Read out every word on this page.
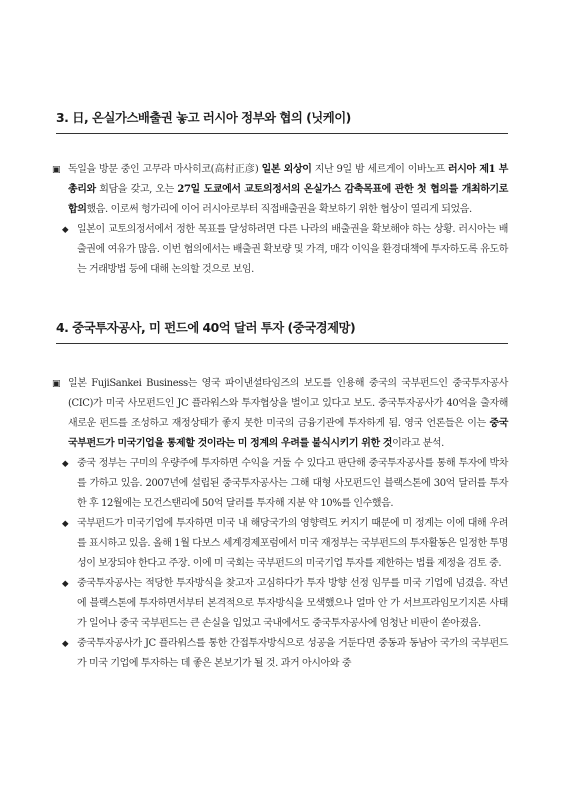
3. 日, 온실가스배출권 놓고 러시아 정부와 협의 (닛케이)

▣ 독일을 방문 중인 고무라 마사히코(高村正彦) 일본 외상이 지난 9일 밤 세르게이 이바노프 러시아 제1 부총리와 회담을 갖고, 오는 27일 도쿄에서 교토의정서의 온실가스 감축목표에 관한 첫 협의를 개최하기로 합의했음. 이로써 헝가리에 이어 러시아로부터 직접배출권을 확보하기 위한 협상이 열리게 되었음.

◆ 일본이 교토의정서에서 정한 목표를 달성하려면 다른 나라의 배출권을 확보해야 하는 상황. 러시아는 배출권에 여유가 많음. 이번 협의에서는 배출권 확보량 및 가격, 매각 이익을 환경대책에 투자하도록 유도하는 거래방법 등에 대해 논의할 것으로 보임.

4. 중국투자공사, 미 펀드에 40억 달러 투자 (중국경제망)

▣ 일본 FujiSankei Business는 영국 파이낸셜타임즈의 보도를 인용해 중국의 국부펀드인 중국투자공사(CIC)가 미국 사모펀드인 JC 플라워스와 투자협상을 벌이고 있다고 보도. 중국투자공사가 40억을 출자해 새로운 펀드를 조성하고 재정상태가 좋지 못한 미국의 금융기관에 투자하게 됨. 영국 언론들은 이는 중국 국부펀드가 미국기업을 통제할 것이라는 미 정계의 우려를 불식시키기 위한 것이라고 분석.

◆ 중국 정부는 구미의 우량주에 투자하면 수익을 거둘 수 있다고 판단해 중국투자공사를 통해 투자에 박차를 가하고 있음. 2007년에 설립된 중국투자공사는 그해 대형 사모펀드인 블랙스톤에 30억 달러를 투자한 후 12월에는 모건스탠리에 50억 달러를 투자해 지분 약 10%를 인수했음.

◆ 국부펀드가 미국기업에 투자하면 미국 내 해당국가의 영향력도 커지기 때문에 미 정계는 이에 대해 우려를 표시하고 있음. 올해 1월 다보스 세계경제포럼에서 미국 재정부는 국부펀드의 투자활동은 일정한 투명성이 보장되야 한다고 주장. 이에 미 국회는 국부펀드의 미국기업 투자를 제한하는 법률 제정을 검토 중.

◆ 중국투자공사는 적당한 투자방식을 찾고자 고심하다가 투자 방향 선정 임무를 미국 기업에 넘겼음. 작년에 블랙스톤에 투자하면서부터 본격적으로 투자방식을 모색했으나 얼마 안 가 서브프라임모기지론 사태가 일어나 중국 국부펀드는 큰 손실을 입었고 국내에서도 중국투자공사에 엄청난 비판이 쏟아졌음.

◆ 중국투자공사가 JC 플라워스를 통한 간접투자방식으로 성공을 거둔다면 중동과 동남아 국가의 국부펀드가 미국 기업에 투자하는 데 좋은 본보기가 될 것. 과거 아시아와 중
